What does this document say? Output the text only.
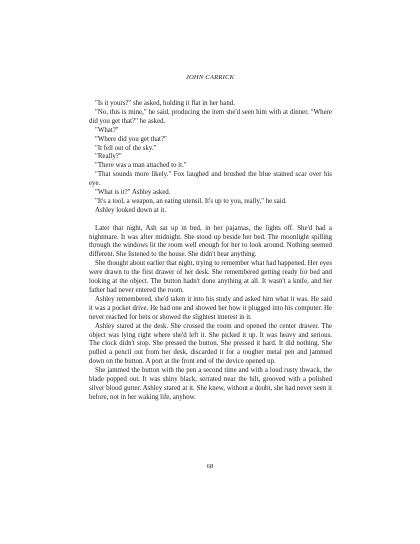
JOHN CARRICK

"Is it yours?" she asked, holding it flat in her hand.

"No, this is mine," he said, producing the item she'd seen him with at dinner. "Where did you get that?" he asked.

"What?"

"Where did you get that?"

"It fell out of the sky."

"Really?"

"There was a man attached to it."

"That sounds more likely." Fox laughed and brushed the blue stained scar over his eye.

"What is it?" Ashley asked.

"It's a tool, a weapon, an eating utensil. It's up to you, really," he said.

Ashley looked down at it.

Later that night, Ash sat up in bed, in her pajamas, the lights off. She'd had a nightmare. It was after midnight. She stood up beside her bed. The moonlight spilling through the windows lit the room well enough for her to look around. Nothing seemed different. She listened to the house. She didn't hear anything.

She thought about earlier that night, trying to remember what had happened. Her eyes were drawn to the first drawer of her desk. She remembered getting ready for bed and looking at the object. The button hadn't done anything at all. It wasn't a knife, and her father had never entered the room.

Ashley remembered, she'd taken it into his study and asked him what it was. He said it was a pocket drive. He had one and showed her how it plugged into his computer. He never reached for hers or showed the slightest interest in it.

Ashley stared at the desk. She crossed the room and opened the center drawer. The object was lying right where she'd left it. She picked it up. It was heavy and serious. The clock didn't stop. She pressed the button. She pressed it hard. It did nothing. She pulled a pencil out from her desk, discarded it for a tougher metal pen and jammed down on the button. A port at the front end of the device opened up.

She jammed the button with the pen a second time and with a loud rusty thwack, the blade popped out. It was shiny black, serrated near the hilt, grooved with a polished silver blood gutter. Ashley stared at it. She knew, without a doubt, she had never seen it before, not in her waking life, anyhow.

68
